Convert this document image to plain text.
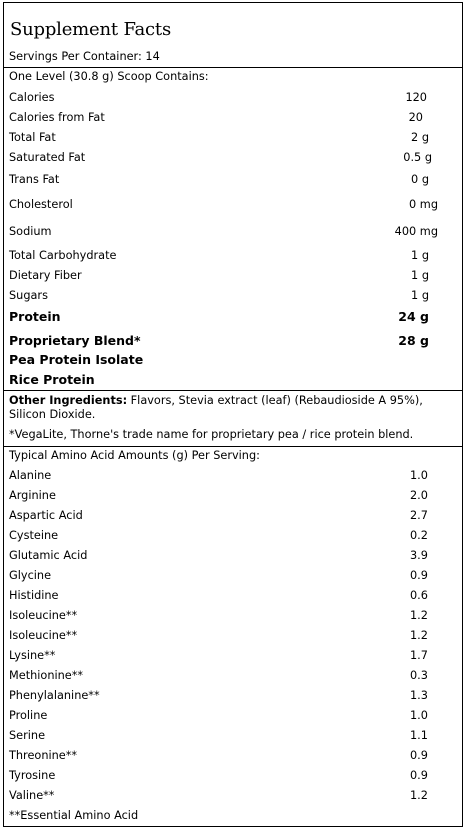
Supplement Facts
Servings Per Container: 14
One Level (30.8 g) Scoop Contains:
Calories	120
Calories from Fat	20
Total Fat	2 g
Saturated Fat	0.5 g
Trans Fat	0 g
Cholesterol	0 mg
Sodium	400 mg
Total Carbohydrate	1 g
Dietary Fiber	1 g
Sugars	1 g
Protein	24 g
Proprietary Blend*	28 g
Pea Protein Isolate
Rice Protein
Other Ingredients: Flavors, Stevia extract (leaf) (Rebaudioside A 95%), Silicon Dioxide.
*VegaLite, Thorne's trade name for proprietary pea / rice protein blend.
Typical Amino Acid Amounts (g) Per Serving:
Alanine	1.0
Arginine	2.0
Aspartic Acid	2.7
Cysteine	0.2
Glutamic Acid	3.9
Glycine	0.9
Histidine	0.6
Isoleucine**	1.2
Isoleucine**	1.2
Lysine**	1.7
Methionine**	0.3
Phenylalanine**	1.3
Proline	1.0
Serine	1.1
Threonine**	0.9
Tyrosine	0.9
Valine**	1.2
**Essential Amino Acid
